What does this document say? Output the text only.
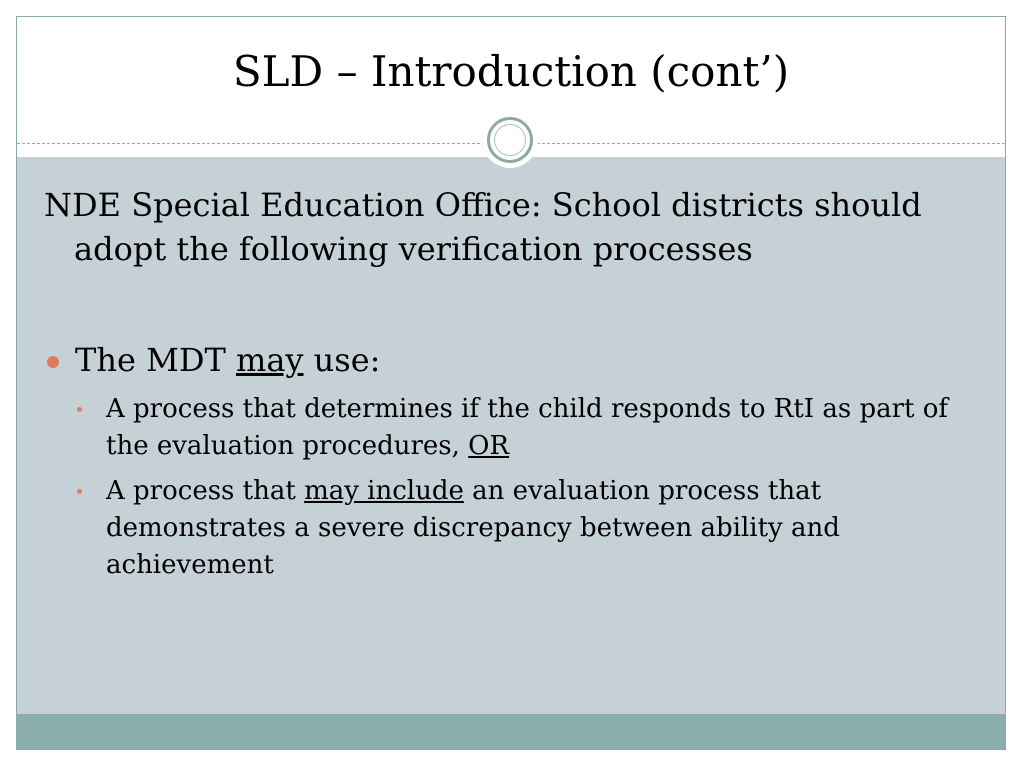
SLD – Introduction (cont’)
NDE Special Education Office: School districts should adopt the following verification processes
The MDT may use:
A process that determines if the child responds to RtI as part of the evaluation procedures, OR
A process that may include an evaluation process that demonstrates a severe discrepancy between ability and achievement
